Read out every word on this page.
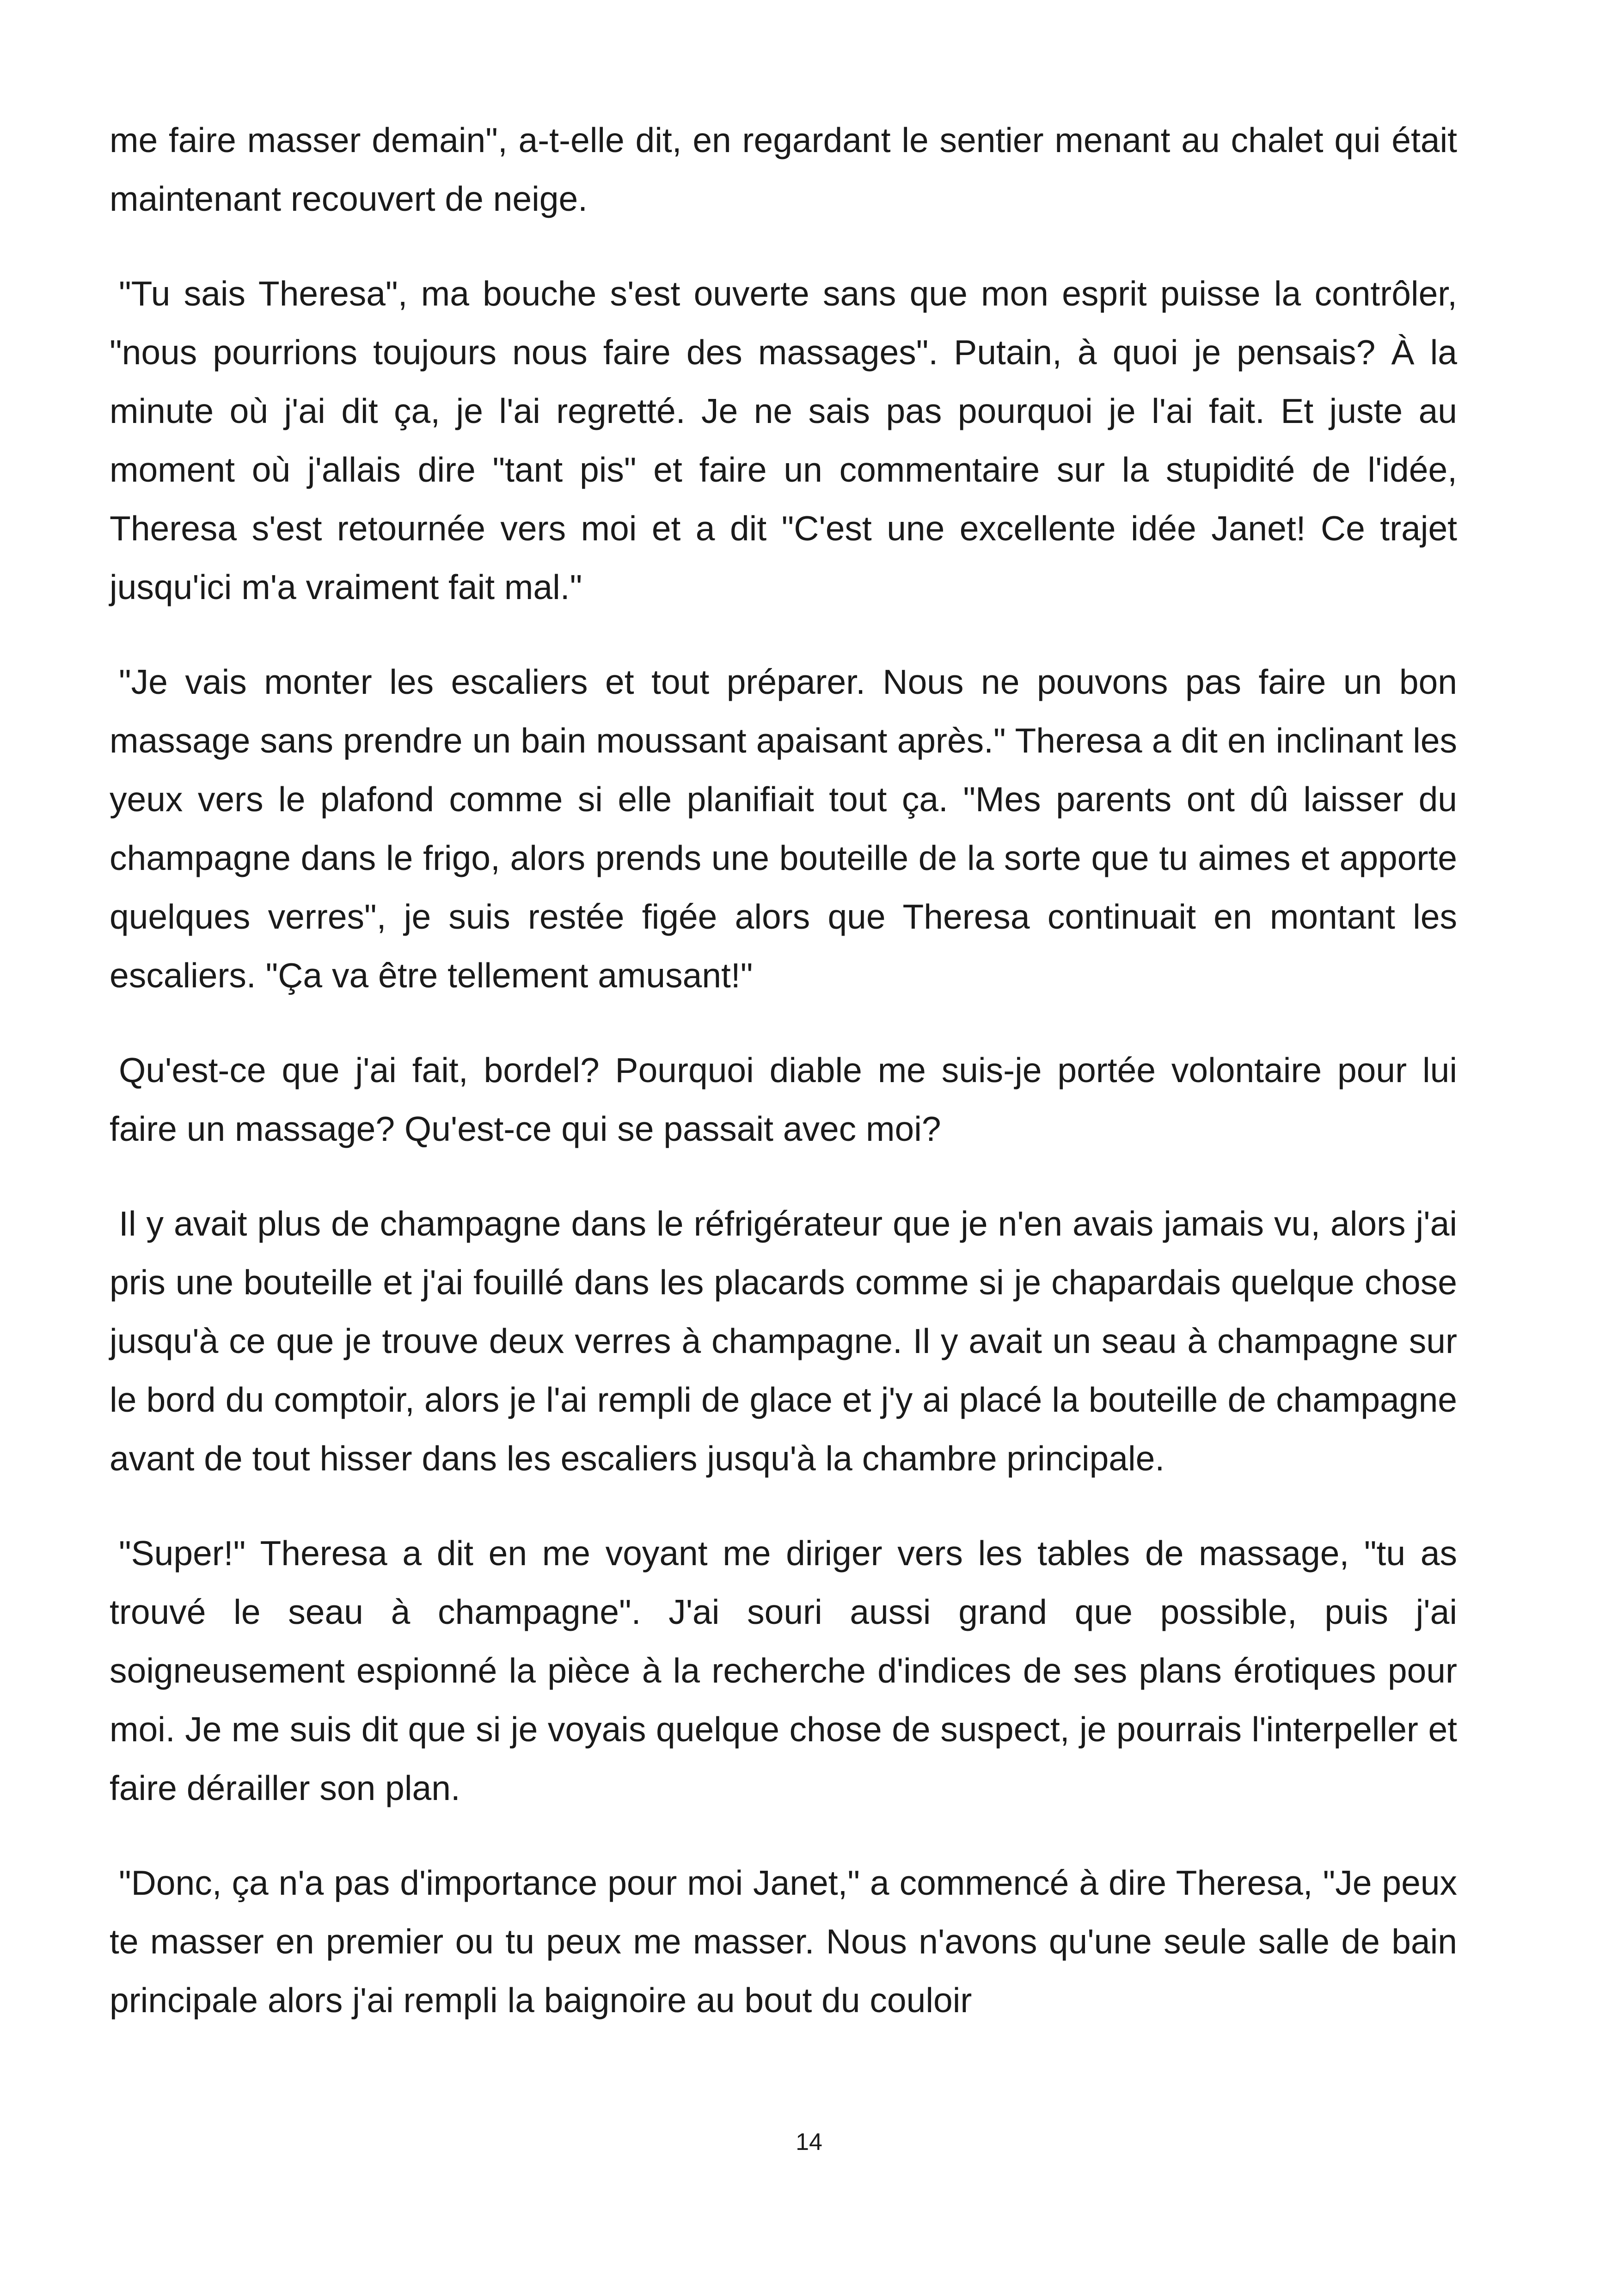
me faire masser demain", a-t-elle dit, en regardant le sentier menant au chalet qui était maintenant recouvert de neige.

"Tu sais Theresa", ma bouche s'est ouverte sans que mon esprit puisse la contrôler, "nous pourrions toujours nous faire des massages". Putain, à quoi je pensais? À la minute où j'ai dit ça, je l'ai regretté. Je ne sais pas pourquoi je l'ai fait. Et juste au moment où j'allais dire "tant pis" et faire un commentaire sur la stupidité de l'idée, Theresa s'est retournée vers moi et a dit "C'est une excellente idée Janet! Ce trajet jusqu'ici m'a vraiment fait mal."

"Je vais monter les escaliers et tout préparer. Nous ne pouvons pas faire un bon massage sans prendre un bain moussant apaisant après." Theresa a dit en inclinant les yeux vers le plafond comme si elle planifiait tout ça. "Mes parents ont dû laisser du champagne dans le frigo, alors prends une bouteille de la sorte que tu aimes et apporte quelques verres", je suis restée figée alors que Theresa continuait en montant les escaliers. "Ça va être tellement amusant!"

Qu'est-ce que j'ai fait, bordel? Pourquoi diable me suis-je portée volontaire pour lui faire un massage? Qu'est-ce qui se passait avec moi?

Il y avait plus de champagne dans le réfrigérateur que je n'en avais jamais vu, alors j'ai pris une bouteille et j'ai fouillé dans les placards comme si je chapardais quelque chose jusqu'à ce que je trouve deux verres à champagne. Il y avait un seau à champagne sur le bord du comptoir, alors je l'ai rempli de glace et j'y ai placé la bouteille de champagne avant de tout hisser dans les escaliers jusqu'à la chambre principale.

"Super!" Theresa a dit en me voyant me diriger vers les tables de massage, "tu as trouvé le seau à champagne". J'ai souri aussi grand que possible, puis j'ai soigneusement espionné la pièce à la recherche d'indices de ses plans érotiques pour moi. Je me suis dit que si je voyais quelque chose de suspect, je pourrais l'interpeller et faire dérailler son plan.

"Donc, ça n'a pas d'importance pour moi Janet," a commencé à dire Theresa, "Je peux te masser en premier ou tu peux me masser. Nous n'avons qu'une seule salle de bain principale alors j'ai rempli la baignoire au bout du couloir

14
